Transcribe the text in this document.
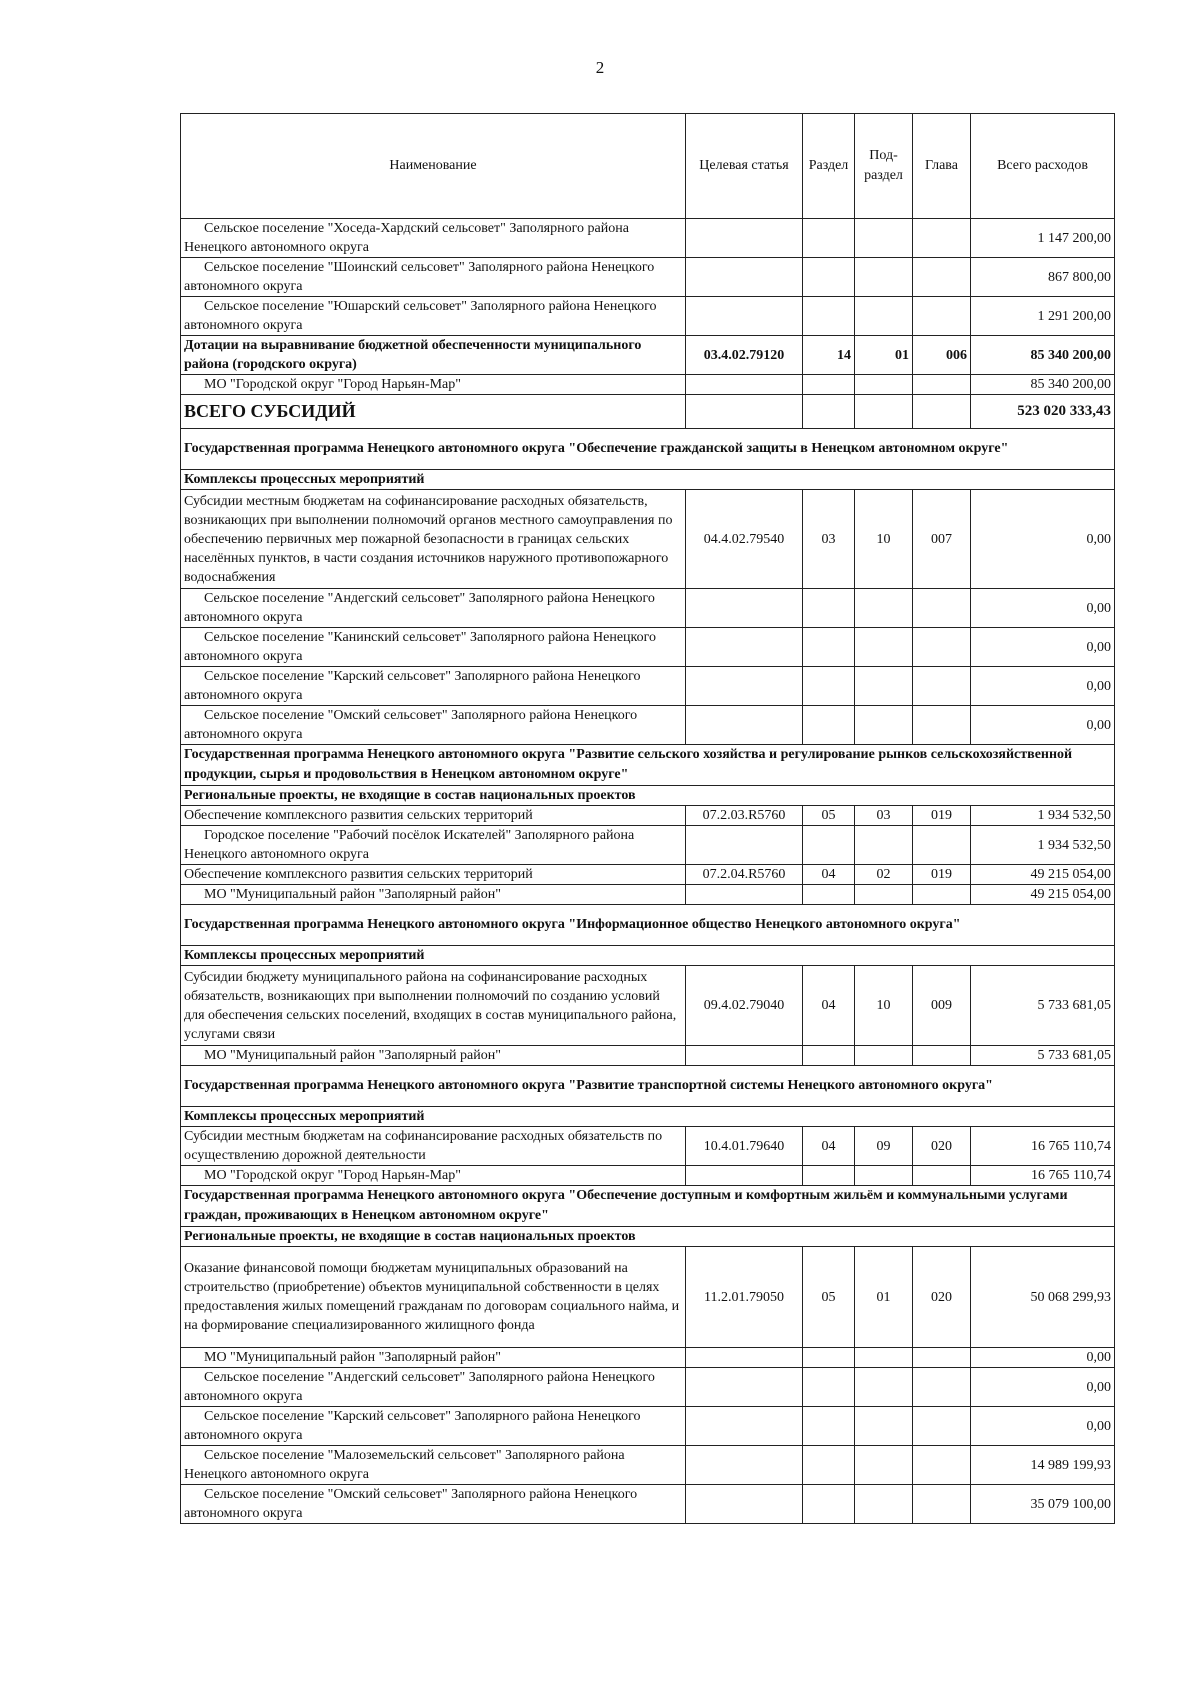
2
Наименование	Целевая статья	Раздел	Под-раздел	Глава	Всего расходов
Сельское поселение "Хоседа-Хардский сельсовет" Заполярного района Ненецкого автономного округа					1 147 200,00
Сельское поселение "Шоинский сельсовет" Заполярного района Ненецкого автономного округа					867 800,00
Сельское поселение "Юшарский сельсовет" Заполярного района Ненецкого автономного округа					1 291 200,00
Дотации на выравнивание бюджетной обеспеченности муниципального района (городского округа)	03.4.02.79120	14	01	006	85 340 200,00
МО "Городской округ "Город Нарьян-Мар"					85 340 200,00
ВСЕГО СУБСИДИЙ					523 020 333,43
Государственная программа Ненецкого автономного округа "Обеспечение гражданской защиты в Ненецком автономном округе"					
Комплексы процессных мероприятий					
Субсидии местным бюджетам на софинансирование расходных обязательств, возникающих при выполнении полномочий органов местного самоуправления по обеспечению первичных мер пожарной безопасности в границах сельских населённых пунктов, в части создания источников наружного противопожарного водоснабжения	04.4.02.79540	03	10	007	0,00
Сельское поселение "Андегский сельсовет" Заполярного района Ненецкого автономного округа					0,00
Сельское поселение "Канинский сельсовет" Заполярного района Ненецкого автономного округа					0,00
Сельское поселение "Карский сельсовет" Заполярного района Ненецкого автономного округа					0,00
Сельское поселение "Омский сельсовет" Заполярного района Ненецкого автономного округа					0,00
Государственная программа Ненецкого автономного округа "Развитие сельского хозяйства и регулирование рынков сельскохозяйственной продукции, сырья и продовольствия в Ненецком автономном округе"					
Региональные проекты, не входящие в состав национальных проектов					
Обеспечение комплексного развития сельских территорий	07.2.03.R5760	05	03	019	1 934 532,50
Городское поселение "Рабочий посёлок Искателей" Заполярного района Ненецкого автономного округа					1 934 532,50
Обеспечение комплексного развития сельских территорий	07.2.04.R5760	04	02	019	49 215 054,00
МО "Муниципальный район "Заполярный район"					49 215 054,00
Государственная программа Ненецкого автономного округа "Информационное общество Ненецкого автономного округа"					
Комплексы процессных мероприятий					
Субсидии бюджету муниципального района на софинансирование расходных обязательств, возникающих при выполнении полномочий по созданию условий для обеспечения сельских поселений, входящих в состав муниципального района, услугами связи	09.4.02.79040	04	10	009	5 733 681,05
МО "Муниципальный район "Заполярный район"					5 733 681,05
Государственная программа Ненецкого автономного округа "Развитие транспортной системы Ненецкого автономного округа"					
Комплексы процессных мероприятий					
Субсидии местным бюджетам на софинансирование расходных обязательств по осуществлению дорожной деятельности	10.4.01.79640	04	09	020	16 765 110,74
МО "Городской округ "Город Нарьян-Мар"					16 765 110,74
Государственная программа Ненецкого автономного округа "Обеспечение доступным и комфортным жильём и коммунальными услугами граждан, проживающих в Ненецком автономном округе"					
Региональные проекты, не входящие в состав национальных проектов					
Оказание финансовой помощи бюджетам муниципальных образований на строительство (приобретение) объектов муниципальной собственности в целях предоставления жилых помещений гражданам по договорам социального найма, и на формирование специализированного жилищного фонда	11.2.01.79050	05	01	020	50 068 299,93
МО "Муниципальный район "Заполярный район"					0,00
Сельское поселение "Андегский сельсовет" Заполярного района Ненецкого автономного округа					0,00
Сельское поселение "Карский сельсовет" Заполярного района Ненецкого автономного округа					0,00
Сельское поселение "Малоземельский сельсовет" Заполярного района Ненецкого автономного округа					14 989 199,93
Сельское поселение "Омский сельсовет" Заполярного района Ненецкого автономного округа					35 079 100,00
